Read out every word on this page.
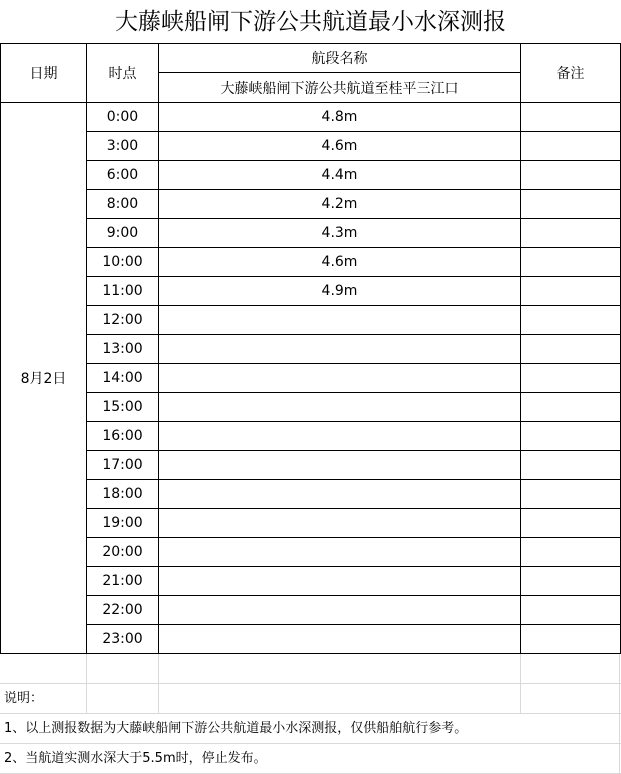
大藤峡船闸下游公共航道最小水深测报
日期	时点	航段名称	备注
		大藤峡船闸下游公共航道至桂平三江口	
8月2日	0:00	4.8m	
	3:00	4.6m	
	6:00	4.4m	
	8:00	4.2m	
	9:00	4.3m	
	10:00	4.6m	
	11:00	4.9m	
	12:00		
	13:00		
	14:00		
	15:00		
	16:00		
	17:00		
	18:00		
	19:00		
	20:00		
	21:00		
	22:00		
	23:00		
说明：
1、以上测报数据为大藤峡船闸下游公共航道最小水深测报，仅供船舶航行参考。
2、当航道实测水深大于5.5m时，停止发布。
